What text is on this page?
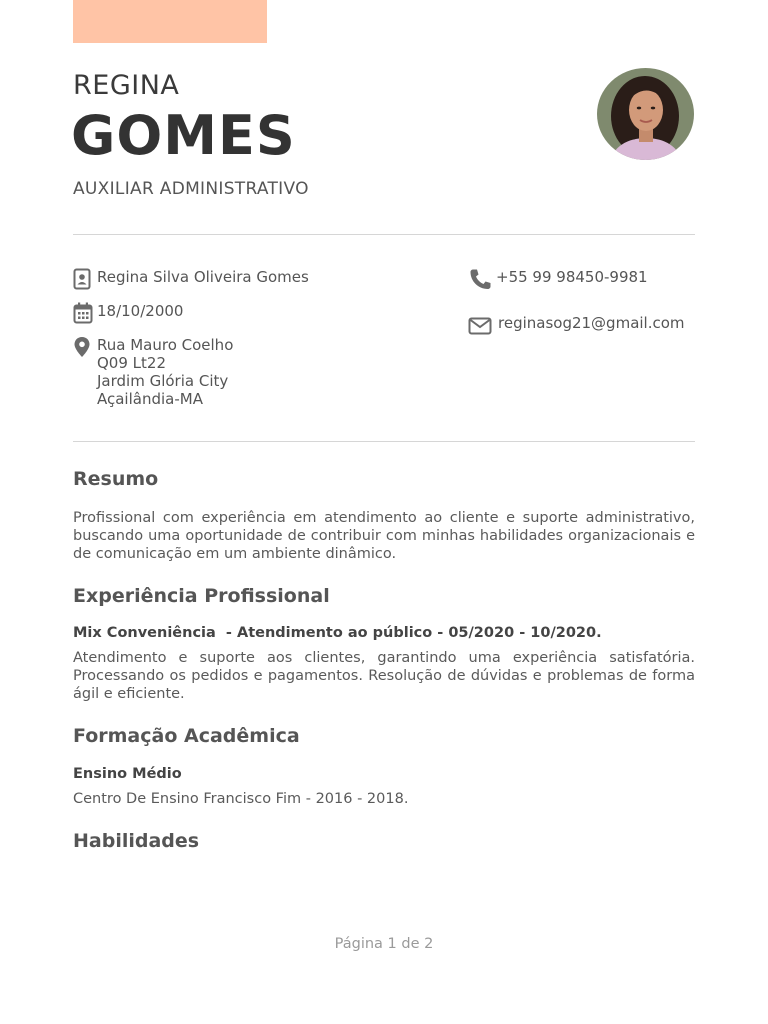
REGINA
GOMES
AUXILIAR ADMINISTRATIVO
Regina Silva Oliveira Gomes
18/10/2000
Rua Mauro Coelho
Q09 Lt22
Jardim Glória City
Açailândia-MA
+55 99 98450-9981
reginasog21@gmail.com
Resumo
Profissional com experiência em atendimento ao cliente e suporte administrativo, buscando uma oportunidade de contribuir com minhas habilidades organizacionais e de comunicação em um ambiente dinâmico.
Experiência Profissional
Mix Conveniência  - Atendimento ao público - 05/2020 - 10/2020.
Atendimento e suporte aos clientes, garantindo uma experiência satisfatória. Processando os pedidos e pagamentos. Resolução de dúvidas e problemas de forma ágil e eficiente.
Formação Acadêmica
Ensino Médio
Centro De Ensino Francisco Fim - 2016 - 2018.
Habilidades
Página 1 de 2
